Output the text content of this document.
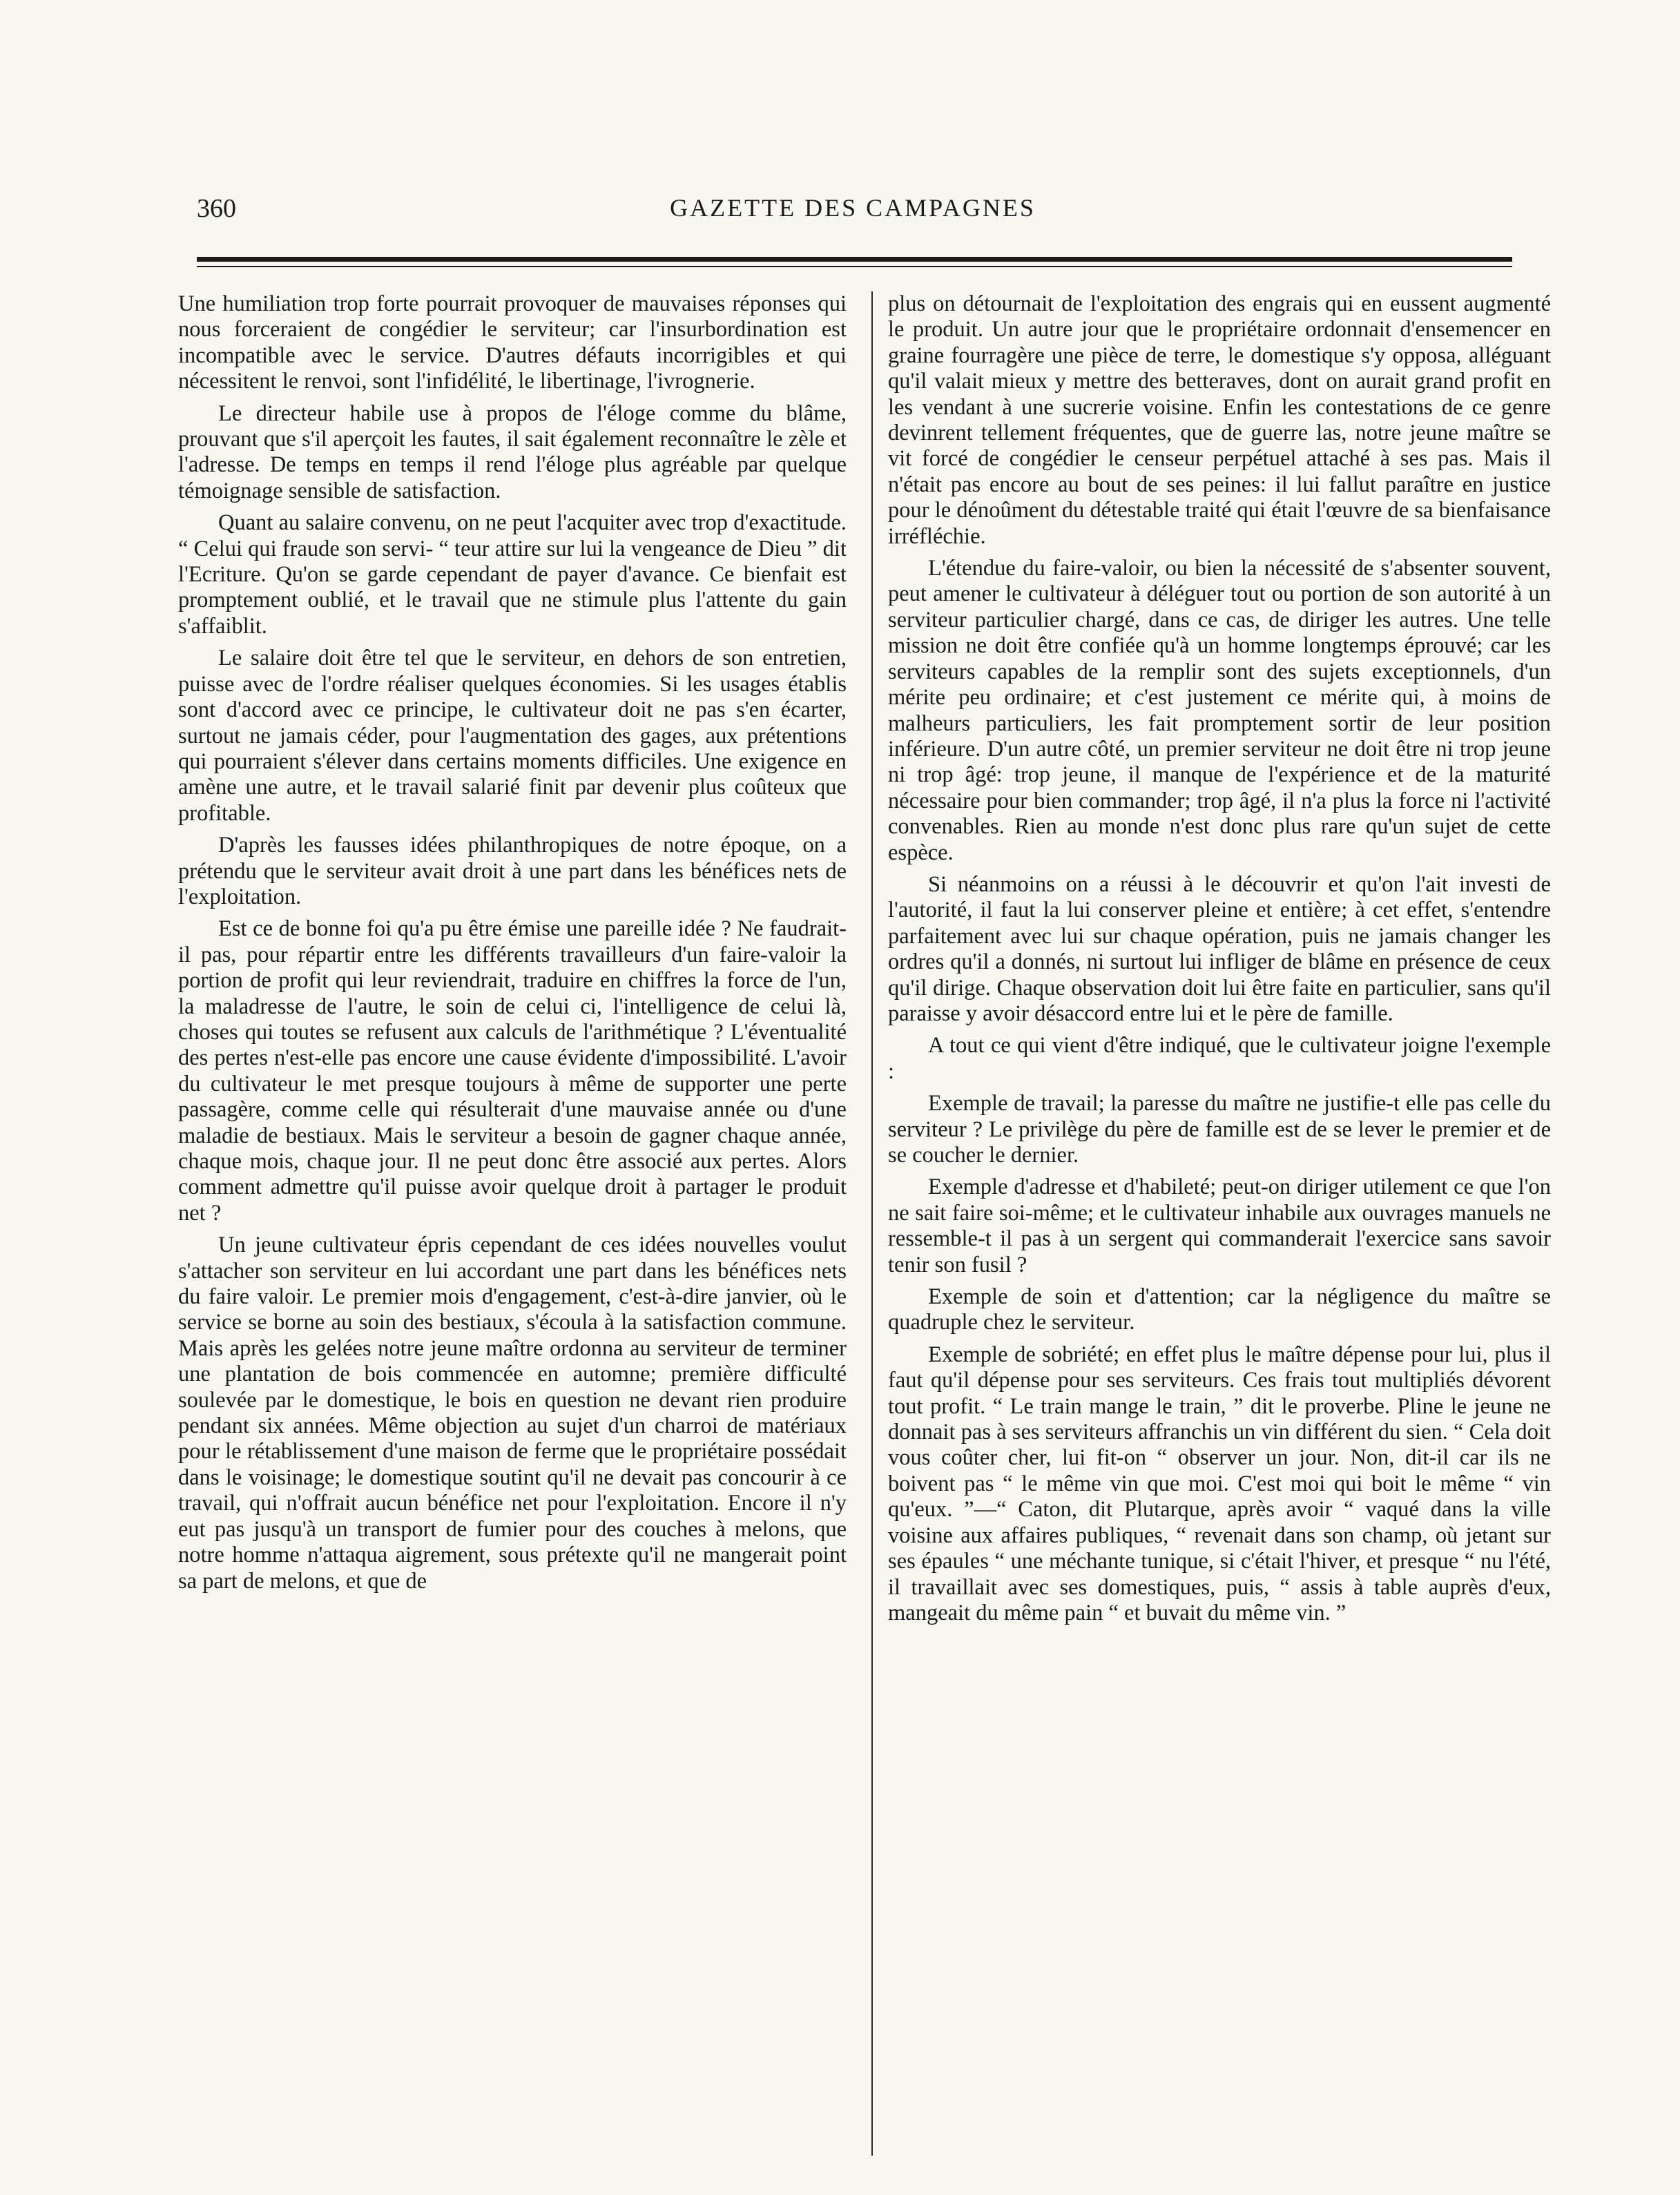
360	GAZETTE DES CAMPAGNES

Une humiliation trop forte pourrait provoquer de mauvaises réponses qui nous forceraient de congédier le serviteur; car l'insurbordination est incompatible avec le service. D'autres défauts incorrigibles et qui nécessitent le renvoi, sont l'infidélité, le libertinage, l'ivrognerie.

Le directeur habile use à propos de l'éloge comme du blâme, prouvant que s'il aperçoit les fautes, il sait également reconnaître le zèle et l'adresse. De temps en temps il rend l'éloge plus agréable par quelque témoignage sensible de satisfaction.

Quant au salaire convenu, on ne peut l'acquiter avec trop d'exactitude. “ Celui qui fraude son servi- “ teur attire sur lui la vengeance de Dieu ” dit l'Ecriture. Qu'on se garde cependant de payer d'avance. Ce bienfait est promptement oublié, et le travail que ne stimule plus l'attente du gain s'affaiblit.

Le salaire doit être tel que le serviteur, en dehors de son entretien, puisse avec de l'ordre réaliser quelques économies. Si les usages établis sont d'accord avec ce principe, le cultivateur doit ne pas s'en écarter, surtout ne jamais céder, pour l'augmentation des gages, aux prétentions qui pourraient s'élever dans certains moments difficiles. Une exigence en amène une autre, et le travail salarié finit par devenir plus coûteux que profitable.

D'après les fausses idées philanthropiques de notre époque, on a prétendu que le serviteur avait droit à une part dans les bénéfices nets de l'exploitation.

Est ce de bonne foi qu'a pu être émise une pareille idée ? Ne faudrait-il pas, pour répartir entre les différents travailleurs d'un faire-valoir la portion de profit qui leur reviendrait, traduire en chiffres la force de l'un, la maladresse de l'autre, le soin de celui ci, l'intelligence de celui là, choses qui toutes se refusent aux calculs de l'arithmétique ? L'éventualité des pertes n'est-elle pas encore une cause évidente d'impossibilité. L'avoir du cultivateur le met presque toujours à même de supporter une perte passagère, comme celle qui résulterait d'une mauvaise année ou d'une maladie de bestiaux. Mais le serviteur a besoin de gagner chaque année, chaque mois, chaque jour. Il ne peut donc être associé aux pertes. Alors comment admettre qu'il puisse avoir quelque droit à partager le produit net ?

Un jeune cultivateur épris cependant de ces idées nouvelles voulut s'attacher son serviteur en lui accordant une part dans les bénéfices nets du faire valoir. Le premier mois d'engagement, c'est-à-dire janvier, où le service se borne au soin des bestiaux, s'écoula à la satisfaction commune. Mais après les gelées notre jeune maître ordonna au serviteur de terminer une plantation de bois commencée en automne; première difficulté soulevée par le domestique, le bois en question ne devant rien produire pendant six années. Même objection au sujet d'un charroi de matériaux pour le rétablissement d'une maison de ferme que le propriétaire possédait dans le voisinage; le domestique soutint qu'il ne devait pas concourir à ce travail, qui n'offrait aucun bénéfice net pour l'exploitation. Encore il n'y eut pas jusqu'à un transport de fumier pour des couches à melons, que notre homme n'attaqua aigrement, sous prétexte qu'il ne mangerait point sa part de melons, et que de

plus on détournait de l'exploitation des engrais qui en eussent augmenté le produit. Un autre jour que le propriétaire ordonnait d'ensemencer en graine fourragère une pièce de terre, le domestique s'y opposa, alléguant qu'il valait mieux y mettre des betteraves, dont on aurait grand profit en les vendant à une sucrerie voisine. Enfin les contestations de ce genre devinrent tellement fréquentes, que de guerre las, notre jeune maître se vit forcé de congédier le censeur perpétuel attaché à ses pas. Mais il n'était pas encore au bout de ses peines: il lui fallut paraître en justice pour le dénoûment du détestable traité qui était l'œuvre de sa bienfaisance irréfléchie.

L'étendue du faire-valoir, ou bien la nécessité de s'absenter souvent, peut amener le cultivateur à déléguer tout ou portion de son autorité à un serviteur particulier chargé, dans ce cas, de diriger les autres. Une telle mission ne doit être confiée qu'à un homme longtemps éprouvé; car les serviteurs capables de la remplir sont des sujets exceptionnels, d'un mérite peu ordinaire; et c'est justement ce mérite qui, à moins de malheurs particuliers, les fait promptement sortir de leur position inférieure. D'un autre côté, un premier serviteur ne doit être ni trop jeune ni trop âgé: trop jeune, il manque de l'expérience et de la maturité nécessaire pour bien commander; trop âgé, il n'a plus la force ni l'activité convenables. Rien au monde n'est donc plus rare qu'un sujet de cette espèce.

Si néanmoins on a réussi à le découvrir et qu'on l'ait investi de l'autorité, il faut la lui conserver pleine et entière; à cet effet, s'entendre parfaitement avec lui sur chaque opération, puis ne jamais changer les ordres qu'il a donnés, ni surtout lui infliger de blâme en présence de ceux qu'il dirige. Chaque observation doit lui être faite en particulier, sans qu'il paraisse y avoir désaccord entre lui et le père de famille.

A tout ce qui vient d'être indiqué, que le cultivateur joigne l'exemple :

Exemple de travail; la paresse du maître ne justifie-t elle pas celle du serviteur ? Le privilège du père de famille est de se lever le premier et de se coucher le dernier.

Exemple d'adresse et d'habileté; peut-on diriger utilement ce que l'on ne sait faire soi-même; et le cultivateur inhabile aux ouvrages manuels ne ressemble-t il pas à un sergent qui commanderait l'exercice sans savoir tenir son fusil ?

Exemple de soin et d'attention; car la négligence du maître se quadruple chez le serviteur.

Exemple de sobriété; en effet plus le maître dépense pour lui, plus il faut qu'il dépense pour ses serviteurs. Ces frais tout multipliés dévorent tout profit. “ Le train mange le train, ” dit le proverbe. Pline le jeune ne donnait pas à ses serviteurs affranchis un vin différent du sien. “ Cela doit vous coûter cher, lui fit-on “ observer un jour. Non, dit-il car ils ne boivent pas “ le même vin que moi. C'est moi qui boit le même “ vin qu'eux. ”—“ Caton, dit Plutarque, après avoir “ vaqué dans la ville voisine aux affaires publiques, “ revenait dans son champ, où jetant sur ses épaules “ une méchante tunique, si c'était l'hiver, et presque “ nu l'été, il travaillait avec ses domestiques, puis, “ assis à table auprès d'eux, mangeait du même pain “ et buvait du même vin. ”
